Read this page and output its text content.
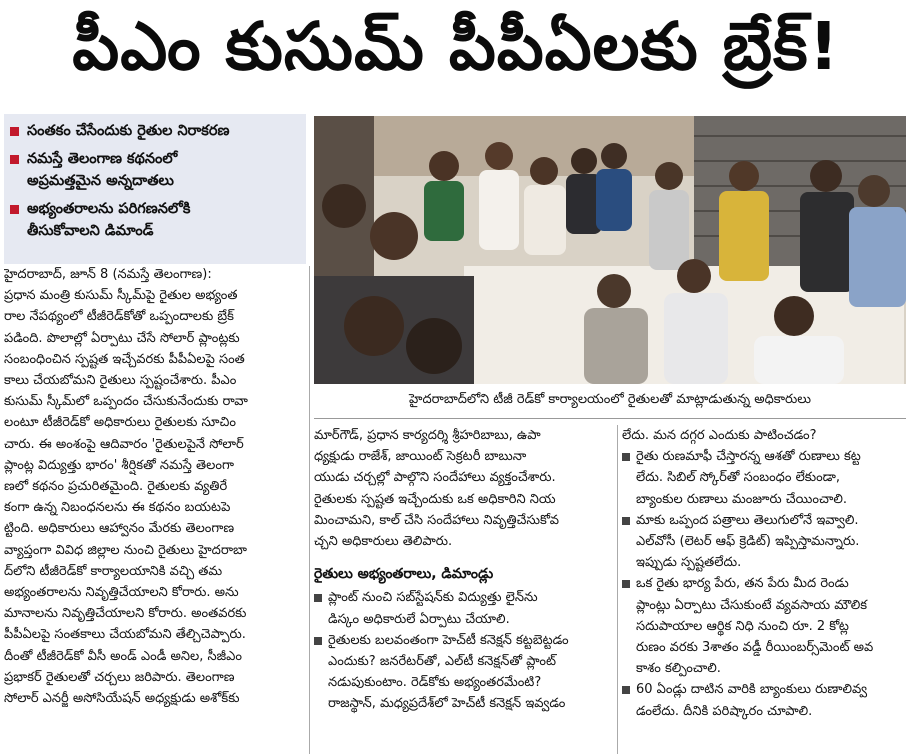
పీఎం కుసుమ్ పీపీఏలకు బ్రేక్!
సంతకం చేసేందుకు రైతుల నిరాకరణ
నమస్తే తెలంగాణ కథనంలో
అప్రమత్తమైన అన్నదాతలు
అభ్యంతరాలను పరిగణనలోకి
తీసుకోవాలని డిమాండ్
హైదరాబాద్‌లోని టీజీ రెడ్‌కో కార్యాలయంలో రైతులతో మాట్లాడుతున్న అధికారులు

హైదరాబాద్, జూన్ 8 (నమస్తే తెలంగాణ):

ప్రధాన మంత్రి కుసుమ్ స్కీమ్‌పై రైతుల అభ్యంత

రాల నేపథ్యంలో టీజీరెడ్‌కోతో ఒప్పందాలకు బ్రేక్

పడింది. పొలాల్లో ఏర్పాటు చేసే సోలార్ ప్లాంట్లకు

సంబంధించిన స్పష్టత ఇచ్చేవరకు పీపీఏలపై సంత

కాలు చేయబోమని రైతులు స్పష్టంచేశారు. పీఎం

కుసుమ్ స్కీమ్‌లో ఒప్పందం చేసుకునేందుకు రావా

లంటూ టీజీరెడ్‌కో అధికారులు రైతులకు సూచిం

చారు. ఈ అంశంపై ఆదివారం 'రైతులపైనే సోలార్

ప్లాంట్ల విద్యుత్తు భారం' శీర్షికతో నమస్తే తెలంగా

ణలో కథనం ప్రచురితమైంది. రైతులకు వ్యతిరే

కంగా ఉన్న నిబంధనలను ఈ కథనం బయటపె

ట్టింది. అధికారులు ఆహ్వానం మేరకు తెలంగాణ

వ్యాప్తంగా వివిధ జిల్లాల నుంచి రైతులు హైదరాబా

ద్‌లోని టీజీరెడ్‌కో కార్యాలయానికి వచ్చి తమ

అభ్యంతరాలను నివృత్తిచేయాలని కోరారు. అను

మానాలను నివృత్తిచేయాలని కోరారు. అంతవరకు

పీపీఏలపై సంతకాలు చేయబోమని తేల్చిచెప్పారు.

దీంతో టీజీరెడ్‌కో వీసీ అండ్ ఎండీ అనిల, సీజీఎం

ప్రభాకర్ రైతులతో చర్చలు జరిపారు. తెలంగాణ

సోలార్ ఎనర్జీ అసోసియేషన్ అధ్యక్షుడు అశోక్‌కు

మార్‌గౌడ్, ప్రధాన కార్యదర్శి శ్రీహరిబాబు, ఉపా

ధ్యక్షుడు రాజేశ్, జాయింట్ సెక్రటరీ బాబునా

యుడు చర్చల్లో పాల్గొని సందేహాలు వ్యక్తంచేశారు.

రైతులకు స్పష్టత ఇచ్చేందుకు ఒక అధికారిని నియ

మించామని, కాల్ చేసి సందేహాలు నివృత్తిచేసుకోవ

చ్చని అధికారులు తెలిపారు.

రైతులు అభ్యంతరాలు, డిమాండ్లు

ప్లాంట్ నుంచి సబ్‌స్టేషన్‌కు విద్యుత్తు లైన్‌ను
డిస్కం అధికారులే ఏర్పాటు చేయాలి.
రైతులకు బలవంతంగా హెచ్‌టీ కనెక్షన్ కట్టబెట్టడం
ఎందుకు? జనరేటర్‌తో, ఎల్‌టీ కనెక్షన్‌తో ప్లాంట్
నడుపుకుంటాం. రెడ్‌కోకు అభ్యంతరమేంటి?
రాజస్థాన్, మధ్యప్రదేశ్‌లో హెచ్‌టీ కనెక్షన్ ఇవ్వడం

లేదు. మన దగ్గర ఎందుకు పాటించడం?

రైతు రుణమాఫీ చేస్తారన్న ఆశతో రుణాలు కట్ట
లేదు. సిబిల్ స్కోర్‌తో సంబంధం లేకుండా,
బ్యాంకుల రుణాలు మంజూరు చేయించాలి.
మాకు ఒప్పంద పత్రాలు తెలుగులోనే ఇవ్వాలి.
ఎల్‌వోసీ (లెటర్ ఆఫ్ క్రెడిట్) ఇప్పిస్తామన్నారు.
ఇప్పుడు స్పష్టతలేదు.
ఒక రైతు భార్య పేరు, తన పేరు మీద రెండు
ప్లాంట్లు ఏర్పాటు చేసుకుంటే వ్యవసాయ మౌలిక
సదుపాయాల ఆర్థిక నిధి నుంచి రూ. 2 కోట్ల
రుణం వరకు 3శాతం వడ్డీ రీయింబర్స్‌మెంట్ అవ
కాశం కల్పించాలి.
60 ఏండ్లు దాటిన వారికి బ్యాంకులు రుణాలివ్వ
డంలేదు. దీనికి పరిష్కారం చూపాలి.
